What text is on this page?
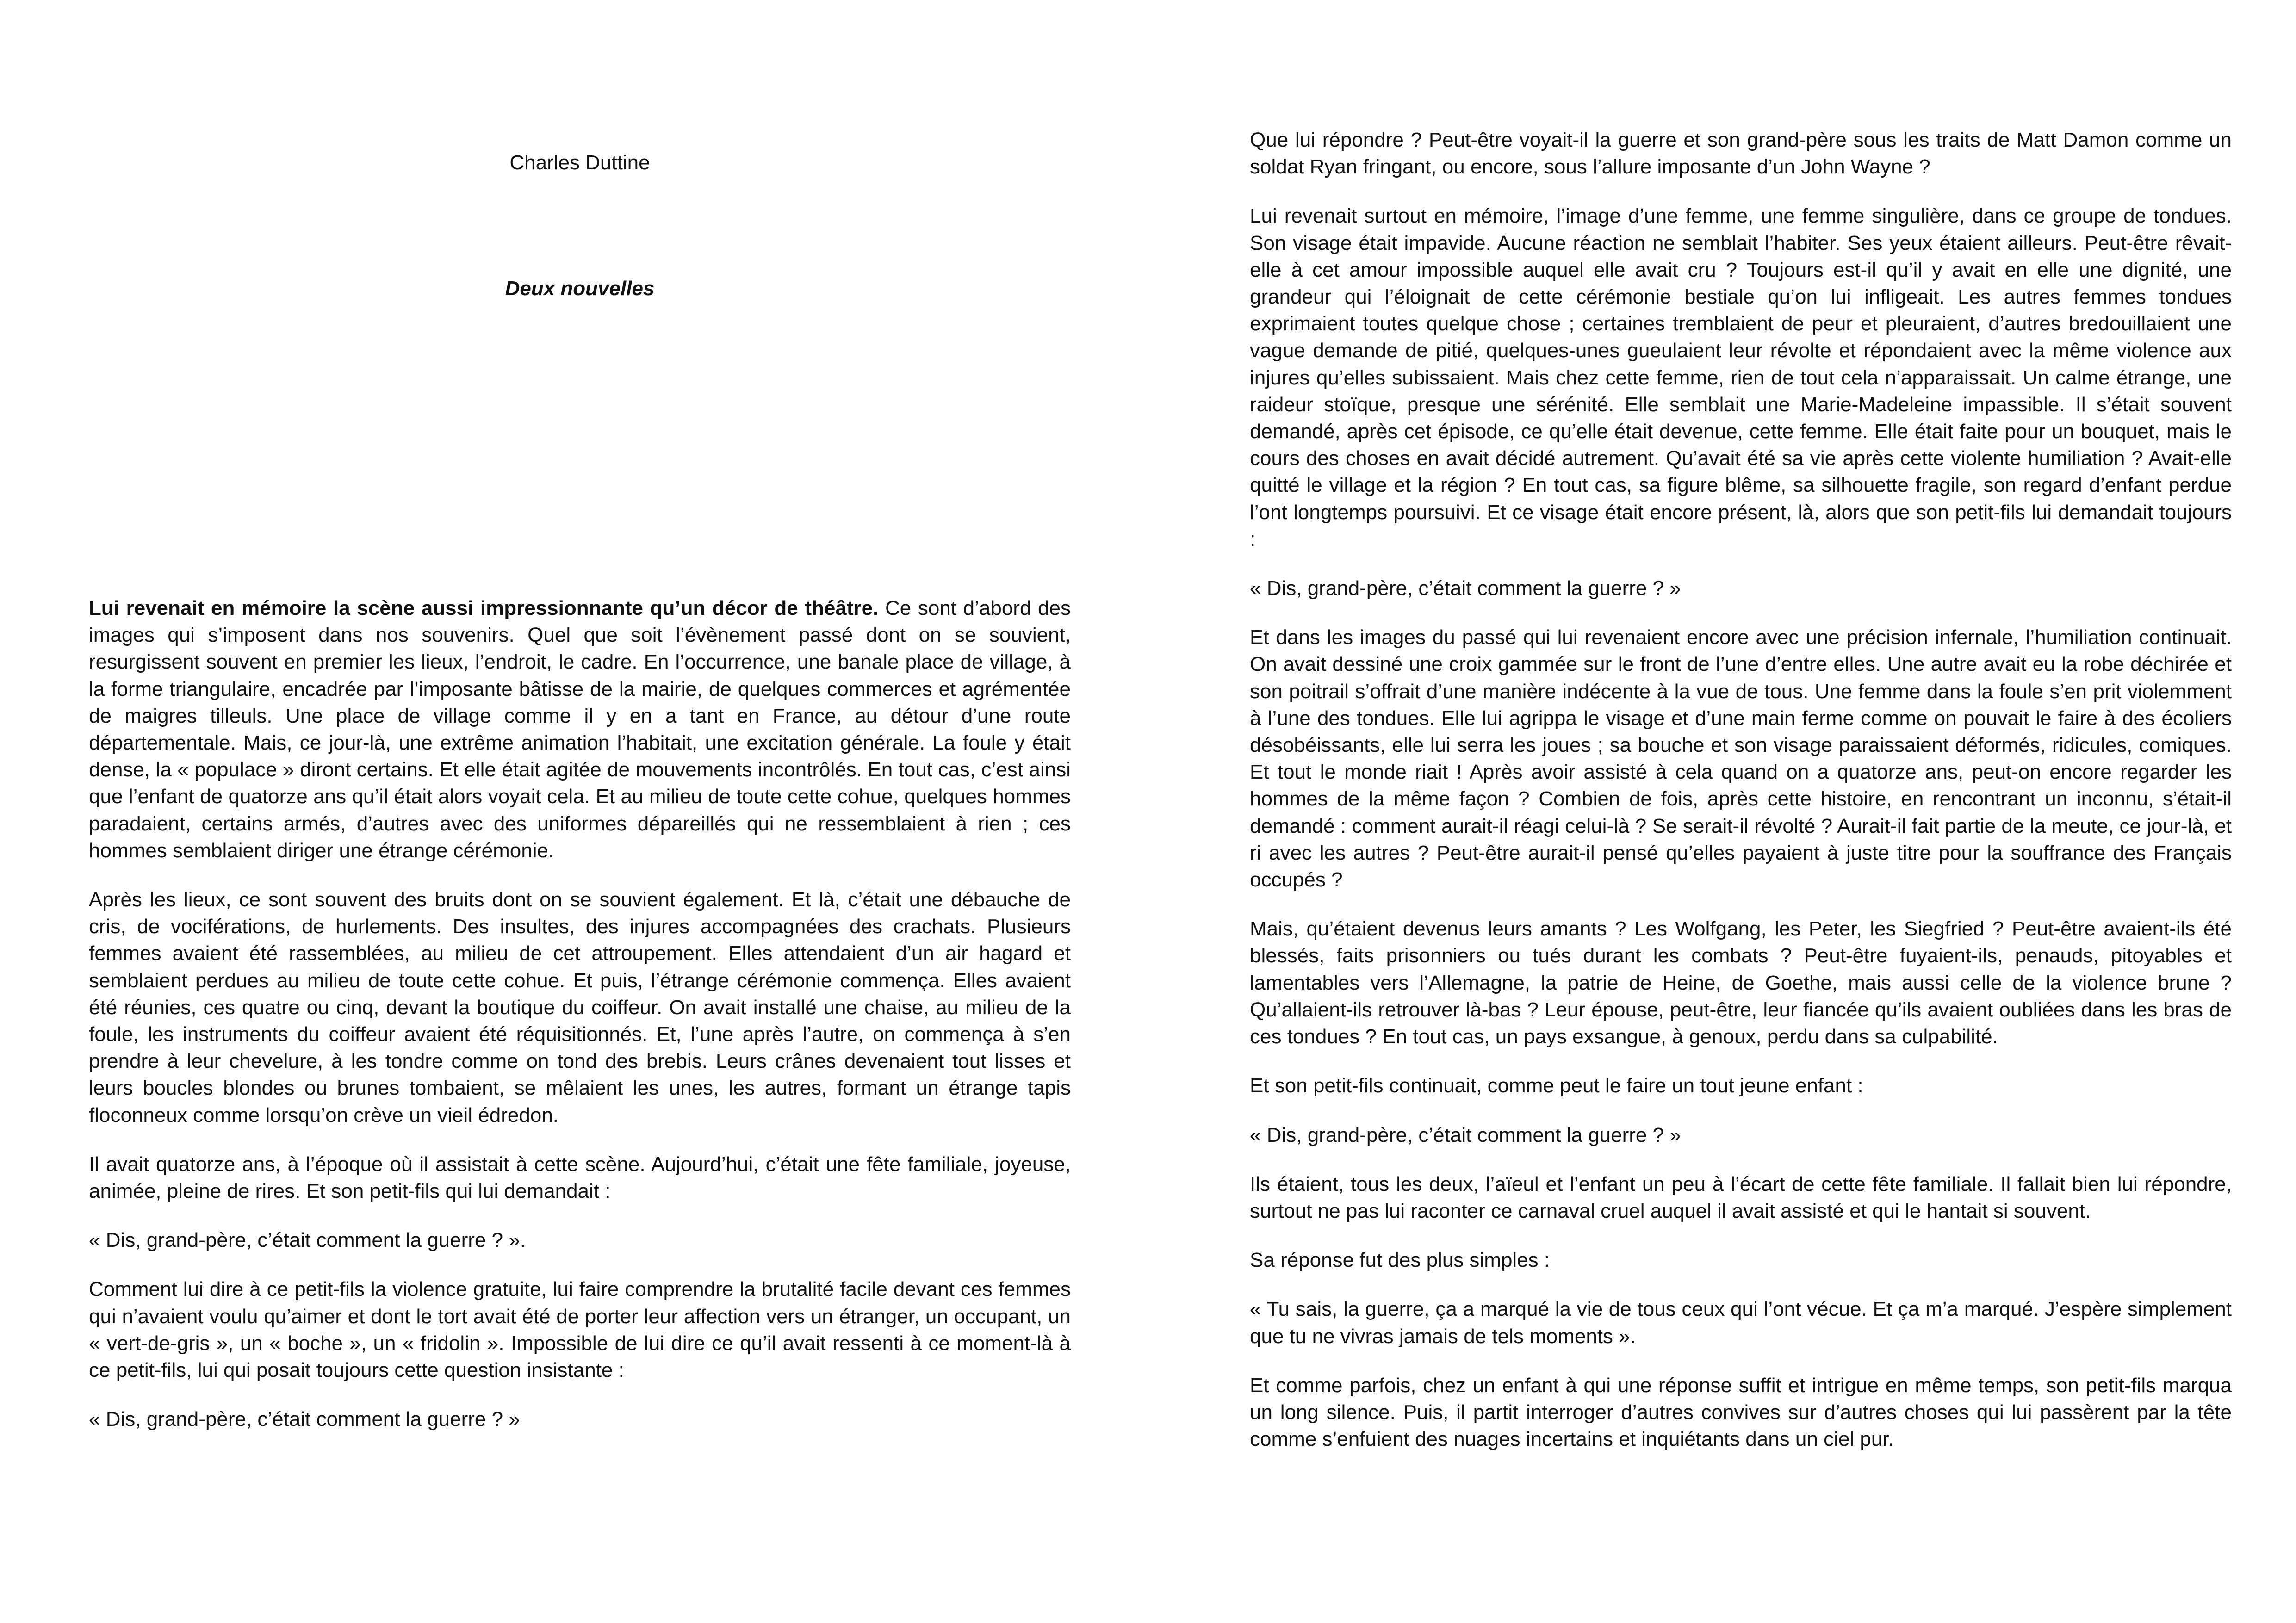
Charles Duttine
Deux nouvelles

Lui revenait en mémoire la scène aussi impressionnante qu’un décor de théâtre. Ce sont d’abord des images qui s’imposent dans nos souvenirs. Quel que soit l’évènement passé dont on se souvient, resurgissent souvent en premier les lieux, l’endroit, le cadre. En l’occurrence, une banale place de village, à la forme triangulaire, encadrée par l’imposante bâtisse de la mairie, de quelques commerces et agrémentée de maigres tilleuls. Une place de village comme il y en a tant en France, au détour d’une route départementale. Mais, ce jour-là, une extrême animation l’habitait, une excitation générale. La foule y était dense, la « populace » diront certains. Et elle était agitée de mouvements incontrôlés. En tout cas, c’est ainsi que l’enfant de quatorze ans qu’il était alors voyait cela. Et au milieu de toute cette cohue, quelques hommes paradaient, certains armés, d’autres avec des uniformes dépareillés qui ne ressemblaient à rien ; ces hommes semblaient diriger une étrange cérémonie.

Après les lieux, ce sont souvent des bruits dont on se souvient également. Et là, c’était une débauche de cris, de vociférations, de hurlements. Des insultes, des injures accompagnées des crachats. Plusieurs femmes avaient été rassemblées, au milieu de cet attroupement. Elles attendaient d’un air hagard et semblaient perdues au milieu de toute cette cohue. Et puis, l’étrange cérémonie commença. Elles avaient été réunies, ces quatre ou cinq, devant la boutique du coiffeur. On avait installé une chaise, au milieu de la foule, les instruments du coiffeur avaient été réquisitionnés. Et, l’une après l’autre, on commença à s’en prendre à leur chevelure, à les tondre comme on tond des brebis. Leurs crânes devenaient tout lisses et leurs boucles blondes ou brunes tombaient, se mêlaient les unes, les autres, formant un étrange tapis floconneux comme lorsqu’on crève un vieil édredon.

Il avait quatorze ans, à l’époque où il assistait à cette scène. Aujourd’hui, c’était une fête familiale, joyeuse, animée, pleine de rires. Et son petit-fils qui lui demandait :

« Dis, grand-père, c’était comment la guerre ? ».

Comment lui dire à ce petit-fils la violence gratuite, lui faire comprendre la brutalité facile devant ces femmes qui n’avaient voulu qu’aimer et dont le tort avait été de porter leur affection vers un étranger, un occupant, un « vert-de-gris », un « boche », un « fridolin ». Impossible de lui dire ce qu’il avait ressenti à ce moment-là à ce petit-fils, lui qui posait toujours cette question insistante :

« Dis, grand-père, c’était comment la guerre ? »

Que lui répondre ? Peut-être voyait-il la guerre et son grand-père sous les traits de Matt Damon comme un soldat Ryan fringant, ou encore, sous l’allure imposante d’un John Wayne ?

Lui revenait surtout en mémoire, l’image d’une femme, une femme singulière, dans ce groupe de tondues. Son visage était impavide. Aucune réaction ne semblait l’habiter. Ses yeux étaient ailleurs. Peut-être rêvait-elle à cet amour impossible auquel elle avait cru ? Toujours est-il qu’il y avait en elle une dignité, une grandeur qui l’éloignait de cette cérémonie bestiale qu’on lui infligeait. Les autres femmes tondues exprimaient toutes quelque chose ; certaines tremblaient de peur et pleuraient, d’autres bredouillaient une vague demande de pitié, quelques-unes gueulaient leur révolte et répondaient avec la même violence aux injures qu’elles subissaient. Mais chez cette femme, rien de tout cela n’apparaissait. Un calme étrange, une raideur stoïque, presque une sérénité. Elle semblait une Marie-Madeleine impassible. Il s’était souvent demandé, après cet épisode, ce qu’elle était devenue, cette femme. Elle était faite pour un bouquet, mais le cours des choses en avait décidé autrement. Qu’avait été sa vie après cette violente humiliation ? Avait-elle quitté le village et la région ? En tout cas, sa figure blême, sa silhouette fragile, son regard d’enfant perdue l’ont longtemps poursuivi. Et ce visage était encore présent, là, alors que son petit-fils lui demandait toujours :

« Dis, grand-père, c’était comment la guerre ? »

Et dans les images du passé qui lui revenaient encore avec une précision infernale, l’humiliation continuait. On avait dessiné une croix gammée sur le front de l’une d’entre elles. Une autre avait eu la robe déchirée et son poitrail s’offrait d’une manière indécente à la vue de tous. Une femme dans la foule s’en prit violemment à l’une des tondues. Elle lui agrippa le visage et d’une main ferme comme on pouvait le faire à des écoliers désobéissants, elle lui serra les joues ; sa bouche et son visage paraissaient déformés, ridicules, comiques. Et tout le monde riait ! Après avoir assisté à cela quand on a quatorze ans, peut-on encore regarder les hommes de la même façon ? Combien de fois, après cette histoire, en rencontrant un inconnu, s’était-il demandé : comment aurait-il réagi celui-là ? Se serait-il révolté ? Aurait-il fait partie de la meute, ce jour-là, et ri avec les autres ? Peut-être aurait-il pensé qu’elles payaient à juste titre pour la souffrance des Français occupés ?

Mais, qu’étaient devenus leurs amants ? Les Wolfgang, les Peter, les Siegfried ? Peut-être avaient-ils été blessés, faits prisonniers ou tués durant les combats ? Peut-être fuyaient-ils, penauds, pitoyables et lamentables vers l’Allemagne, la patrie de Heine, de Goethe, mais aussi celle de la violence brune ? Qu’allaient-ils retrouver là-bas ? Leur épouse, peut-être, leur fiancée qu’ils avaient oubliées dans les bras de ces tondues ? En tout cas, un pays exsangue, à genoux, perdu dans sa culpabilité.

Et son petit-fils continuait, comme peut le faire un tout jeune enfant :

« Dis, grand-père, c’était comment la guerre ? »

Ils étaient, tous les deux, l’aïeul et l’enfant un peu à l’écart de cette fête familiale. Il fallait bien lui répondre, surtout ne pas lui raconter ce carnaval cruel auquel il avait assisté et qui le hantait si souvent.

Sa réponse fut des plus simples :

« Tu sais, la guerre, ça a marqué la vie de tous ceux qui l’ont vécue. Et ça m’a marqué. J’espère simplement que tu ne vivras jamais de tels moments ».

Et comme parfois, chez un enfant à qui une réponse suffit et intrigue en même temps, son petit-fils marqua un long silence. Puis, il partit interroger d’autres convives sur d’autres choses qui lui passèrent par la tête comme s’enfuient des nuages incertains et inquiétants dans un ciel pur.
